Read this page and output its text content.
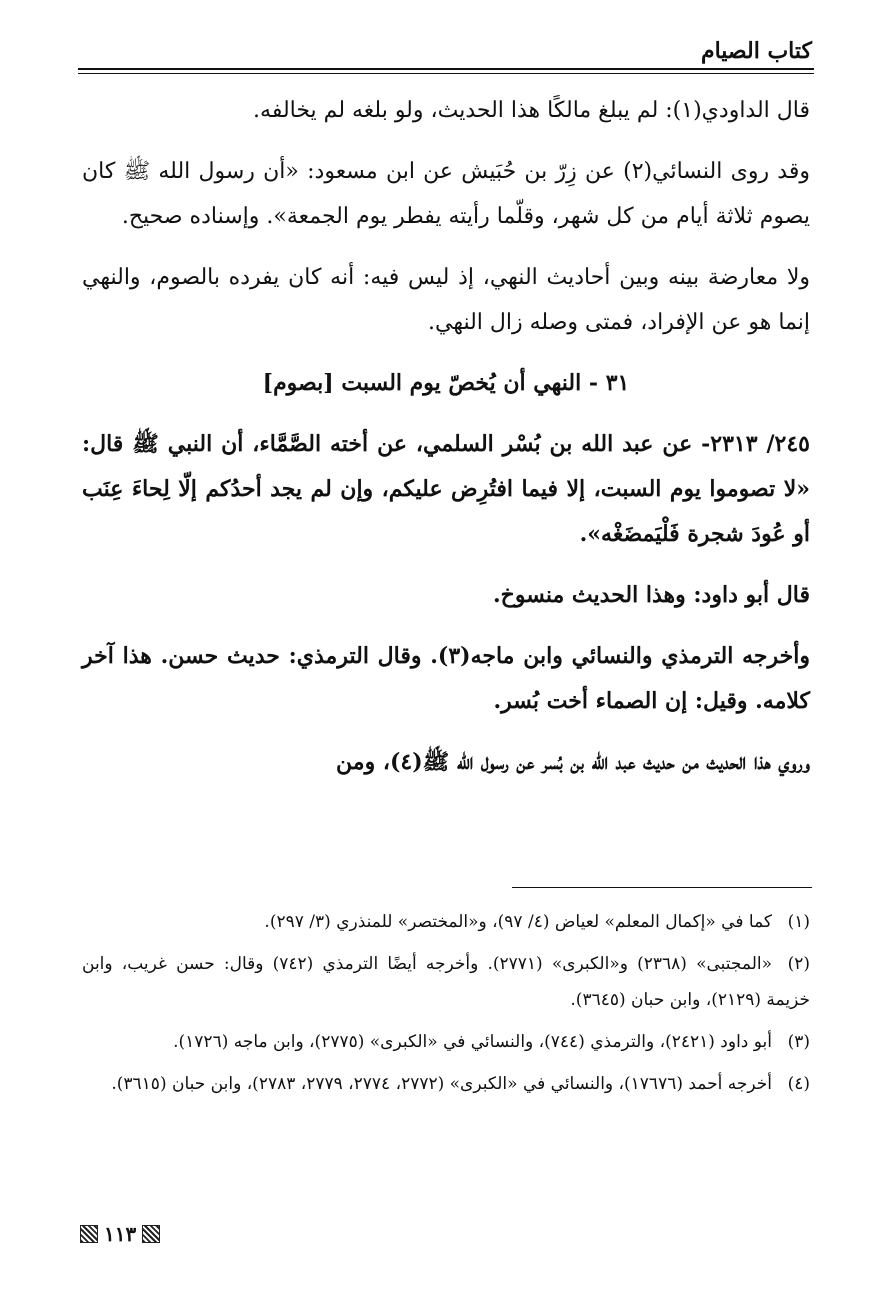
كتاب الصيام

قال الداودي(١): لم يبلغ مالكًا هذا الحديث، ولو بلغه لم يخالفه.

وقد روى النسائي(٢) عن زِرّ بن حُبَيش عن ابن مسعود: «أن رسول الله ﷺ كان يصوم ثلاثة أيام من كل شهر، وقلّما رأيته يفطر يوم الجمعة». وإسناده صحيح.

ولا معارضة بينه وبين أحاديث النهي، إذ ليس فيه: أنه كان يفرده بالصوم، والنهي إنما هو عن الإفراد، فمتى وصله زال النهي.

٣١ - النهي أن يُخصّ يوم السبت [بصوم]

٢٤٥/ ٢٣١٣- عن عبد الله بن بُسْر السلمي، عن أخته الصَّمَّاء، أن النبي ﷺ قال: «لا تصوموا يوم السبت، إلا فيما افتُرِض عليكم، وإن لم يجد أحدُكم إلّا لِحاءَ عِنَب أو عُودَ شجرة فَلْيَمضَغْه».

قال أبو داود: وهذا الحديث منسوخ.

وأخرجه الترمذي والنسائي وابن ماجه(٣). وقال الترمذي: حديث حسن. هذا آخر كلامه. وقيل: إن الصماء أخت بُسر.

وروي هذا الحديث من حديث عبد الله بن بُسر عن رسول الله ﷺ(٤)، ومن

(١)كما في «إكمال المعلم» لعياض (٤/ ٩٧)، و«المختصر» للمنذري (٣/ ٢٩٧).
(٢)«المجتبى» (٢٣٦٨) و«الكبرى» (٢٧٧١). وأخرجه أيضًا الترمذي (٧٤٢) وقال: حسن غريب، وابن خزيمة (٢١٢٩)، وابن حبان (٣٦٤٥).
(٣)أبو داود (٢٤٢١)، والترمذي (٧٤٤)، والنسائي في «الكبرى» (٢٧٧٥)، وابن ماجه (١٧٢٦).
(٤)أخرجه أحمد (١٧٦٧٦)، والنسائي في «الكبرى» (٢٧٧٢، ٢٧٧٤، ٢٧٧٩، ٢٧٨٣)، وابن حبان (٣٦١٥).
١١٣
